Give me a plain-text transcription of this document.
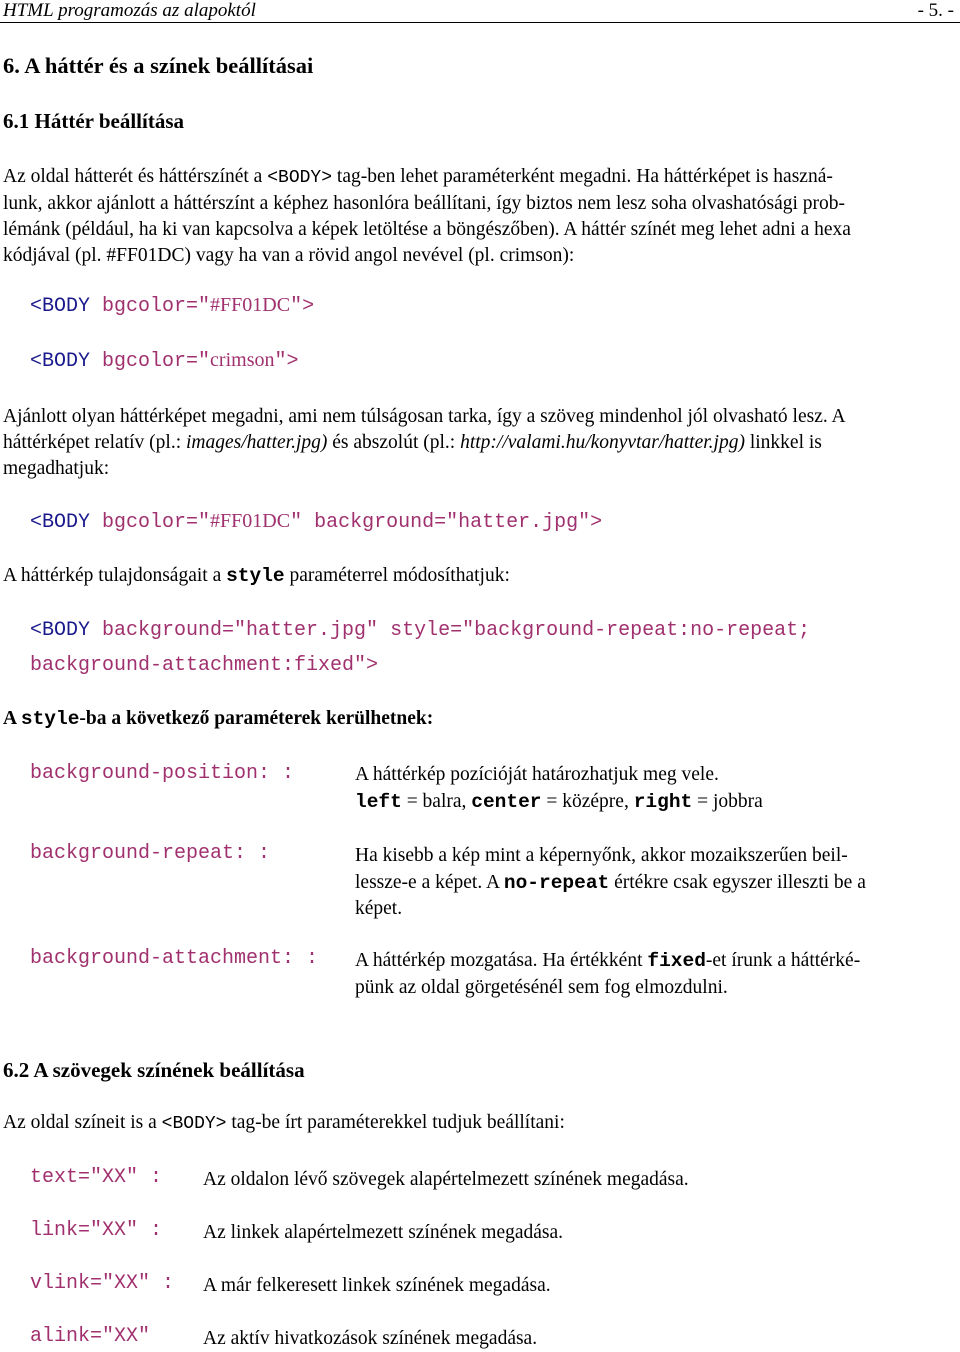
HTML programozás az alapoktól	- 5. -
6. A háttér és a színek beállításai
6.1 Háttér beállítása
Az oldal hátterét és háttérszínét a <BODY> tag-ben lehet paraméterként megadni. Ha háttérképet is haszná-
lunk, akkor ajánlott a háttérszínt a képhez hasonlóra beállítani, így biztos nem lesz soha olvashatósági prob-
lémánk (például, ha ki van kapcsolva a képek letöltése a böngészőben). A háttér színét meg lehet adni a hexa
kódjával (pl. #FF01DC) vagy ha van a rövid angol nevével (pl. crimson):
<BODY bgcolor="#FF01DC">
<BODY bgcolor="crimson">
Ajánlott olyan háttérképet megadni, ami nem túlságosan tarka, így a szöveg mindenhol jól olvasható lesz. A
háttérképet relatív (pl.: images/hatter.jpg) és abszolút (pl.: http://valami.hu/konyvtar/hatter.jpg) linkkel is
megadhatjuk:
<BODY bgcolor="#FF01DC" background="hatter.jpg">
A háttérkép tulajdonságait a style paraméterrel módosíthatjuk:
<BODY background="hatter.jpg" style="background-repeat:no-repeat;
background-attachment:fixed">
A style-ba a következő paraméterek kerülhetnek:
background-position: :	A háttérkép pozícióját határozhatjuk meg vele.
left = balra, center = középre, right = jobbra
background-repeat: :	Ha kisebb a kép mint a képernyőnk, akkor mozaikszerűen beil-
lessze-e a képet. A no-repeat értékre csak egyszer illeszti be a
képet.
background-attachment: : A háttérkép mozgatása. Ha értékként fixed-et írunk a háttérké-
pünk az oldal görgetésénél sem fog elmozdulni.
6.2 A szövegek színének beállítása
Az oldal színeit is a <BODY> tag-be írt paraméterekkel tudjuk beállítani:
text="XX" : Az oldalon lévő szövegek alapértelmezett színének megadása.
link="XX" : Az linkek alapértelmezett színének megadása.
vlink="XX" : A már felkeresett linkek színének megadása.
alink="XX"	Az aktív hivatkozások színének megadása.
